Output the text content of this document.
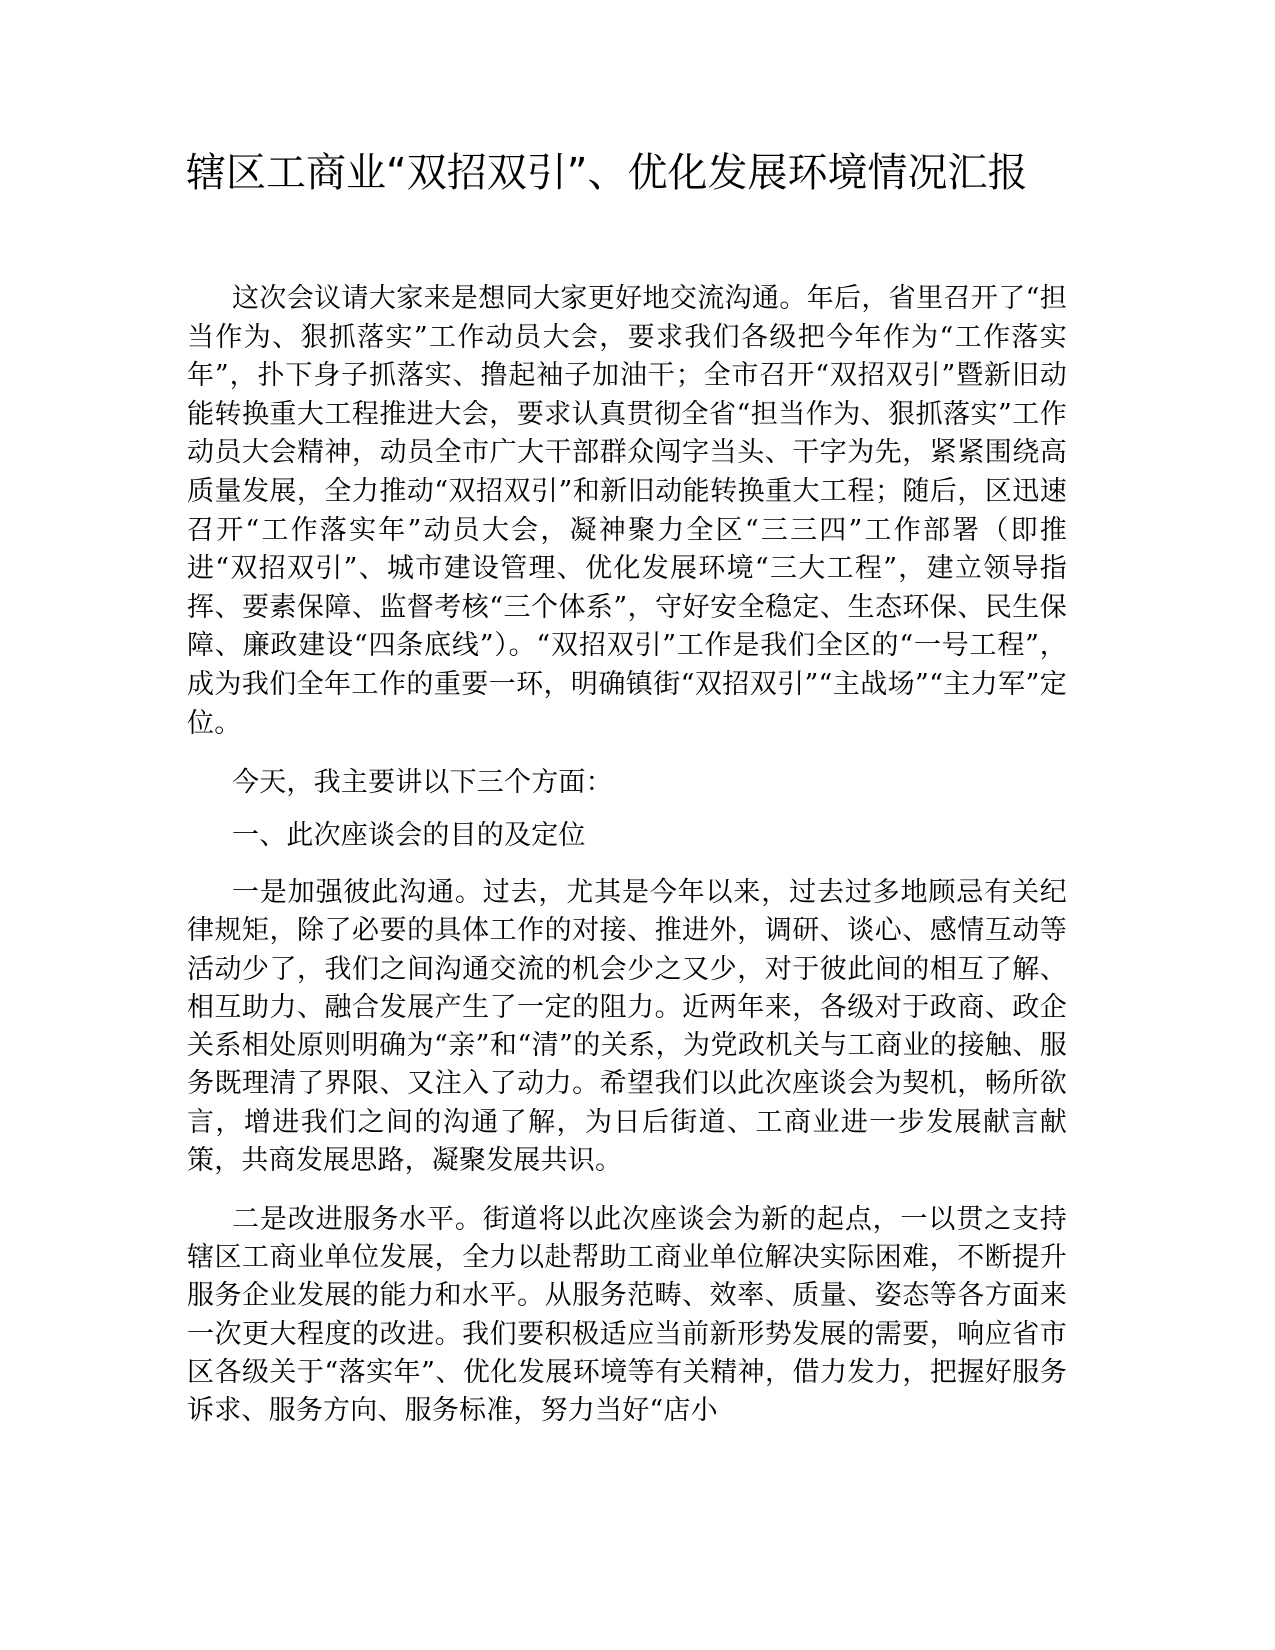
辖区工商业“双招双引”、优化发展环境情况汇报

这次会议请大家来是想同大家更好地交流沟通。年后，省里召开了“担当作为、狠抓落实”工作动员大会，要求我们各级把今年作为“工作落实年”，扑下身子抓落实、撸起袖子加油干；全市召开“双招双引”暨新旧动能转换重大工程推进大会，要求认真贯彻全省“担当作为、狠抓落实”工作动员大会精神，动员全市广大干部群众闯字当头、干字为先，紧紧围绕高质量发展，全力推动“双招双引”和新旧动能转换重大工程；随后，区迅速召开“工作落实年”动员大会，凝神聚力全区“三三四”工作部署（即推进“双招双引”、城市建设管理、优化发展环境“三大工程”，建立领导指挥、要素保障、监督考核“三个体系”，守好安全稳定、生态环保、民生保障、廉政建设“四条底线”）。“双招双引”工作是我们全区的“一号工程”，成为我们全年工作的重要一环，明确镇街“双招双引”“主战场”“主力军”定位。

今天，我主要讲以下三个方面：

一、此次座谈会的目的及定位

一是加强彼此沟通。过去，尤其是今年以来，过去过多地顾忌有关纪律规矩，除了必要的具体工作的对接、推进外，调研、谈心、感情互动等活动少了，我们之间沟通交流的机会少之又少，对于彼此间的相互了解、相互助力、融合发展产生了一定的阻力。近两年来，各级对于政商、政企关系相处原则明确为“亲”和“清”的关系，为党政机关与工商业的接触、服务既理清了界限、又注入了动力。希望我们以此次座谈会为契机，畅所欲言，增进我们之间的沟通了解，为日后街道、工商业进一步发展献言献策，共商发展思路，凝聚发展共识。

二是改进服务水平。街道将以此次座谈会为新的起点，一以贯之支持辖区工商业单位发展，全力以赴帮助工商业单位解决实际困难，不断提升服务企业发展的能力和水平。从服务范畴、效率、质量、姿态等各方面来一次更大程度的改进。我们要积极适应当前新形势发展的需要，响应省市区各级关于“落实年”、优化发展环境等有关精神，借力发力，把握好服务诉求、服务方向、服务标准，努力当好“店小
